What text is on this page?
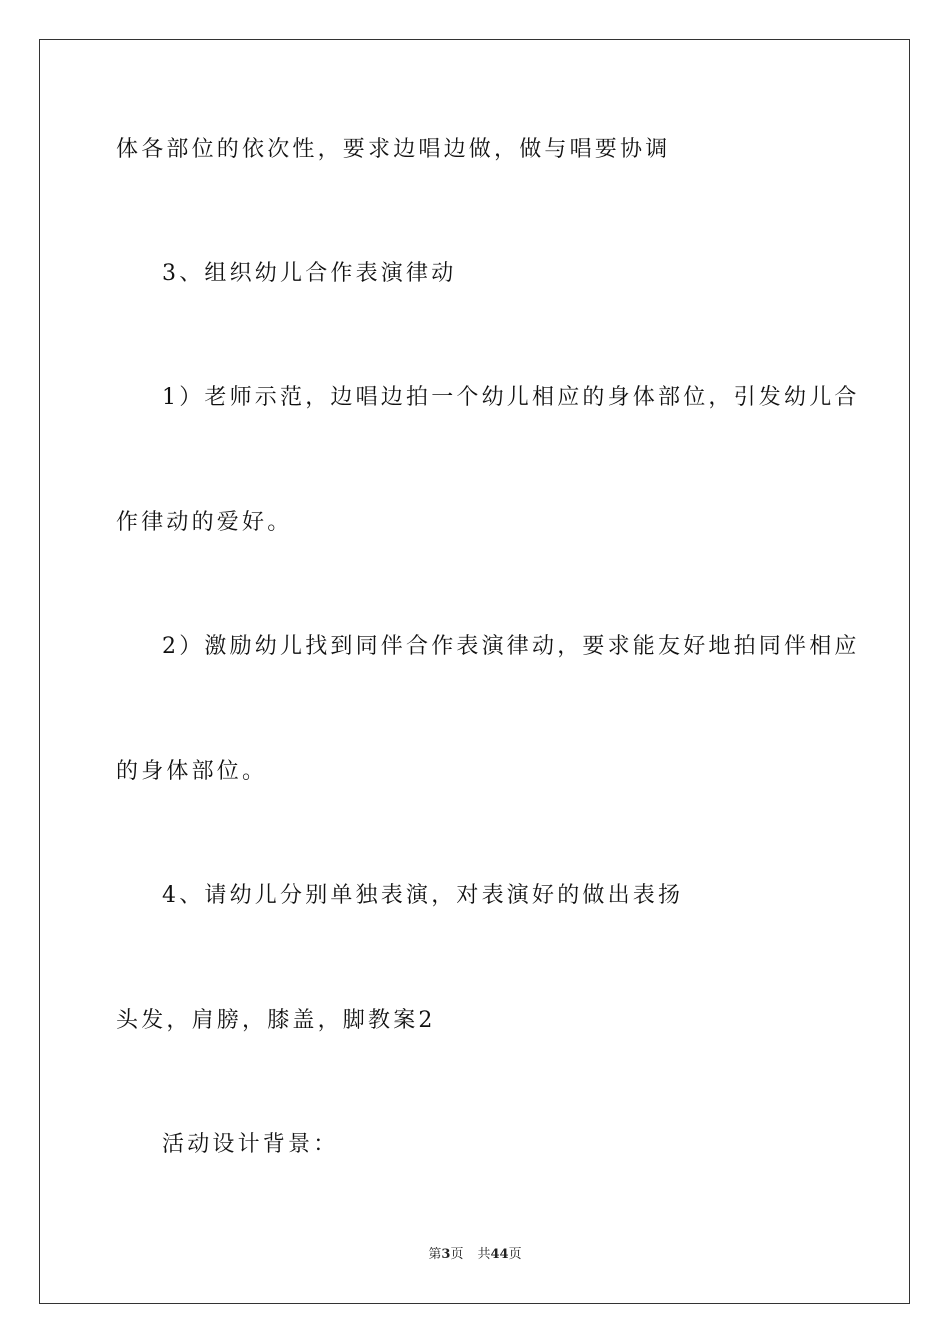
体各部位的依次性，要求边唱边做，做与唱要协调
3、组织幼儿合作表演律动
1）老师示范，边唱边拍一个幼儿相应的身体部位，引发幼儿合
作律动的爱好。
2）激励幼儿找到同伴合作表演律动，要求能友好地拍同伴相应
的身体部位。
4、请幼儿分别单独表演，对表演好的做出表扬
头发，肩膀，膝盖，脚教案2
活动设计背景：
第3页 共44页
